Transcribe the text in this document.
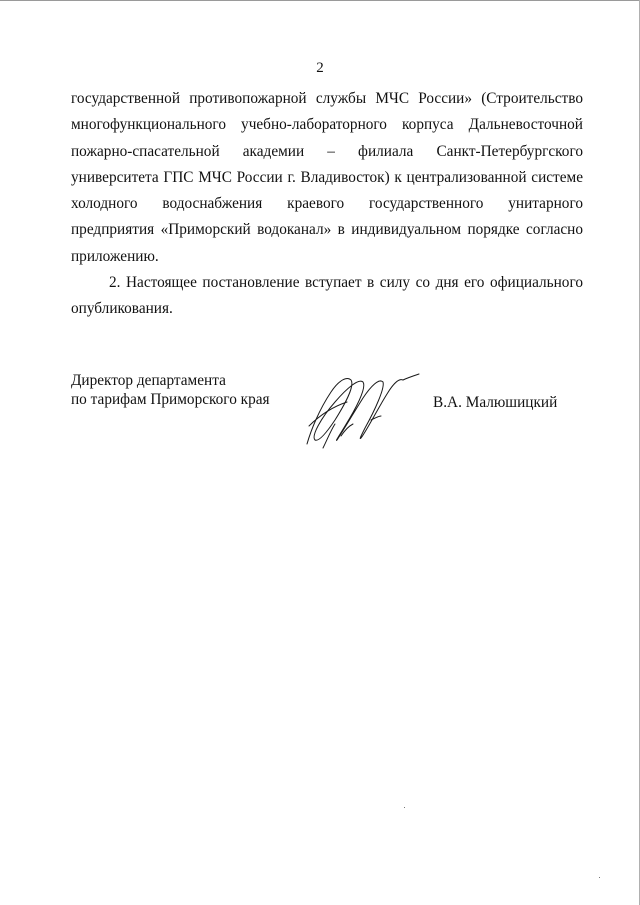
2
государственной противопожарной службы МЧС России» (Строительство
многофункционального учебно-лабораторного корпуса Дальневосточной
пожарно-спасательной академии – филиала Санкт-Петербургского
университета ГПС МЧС России г. Владивосток) к централизованной системе
холодного водоснабжения краевого государственного унитарного
предприятия «Приморский водоканал» в индивидуальном порядке согласно
приложению.
2. Настоящее постановление вступает в силу со дня его официального
опубликования.
Директор департамента
по тарифам Приморского края	В.А. Малюшицкий
